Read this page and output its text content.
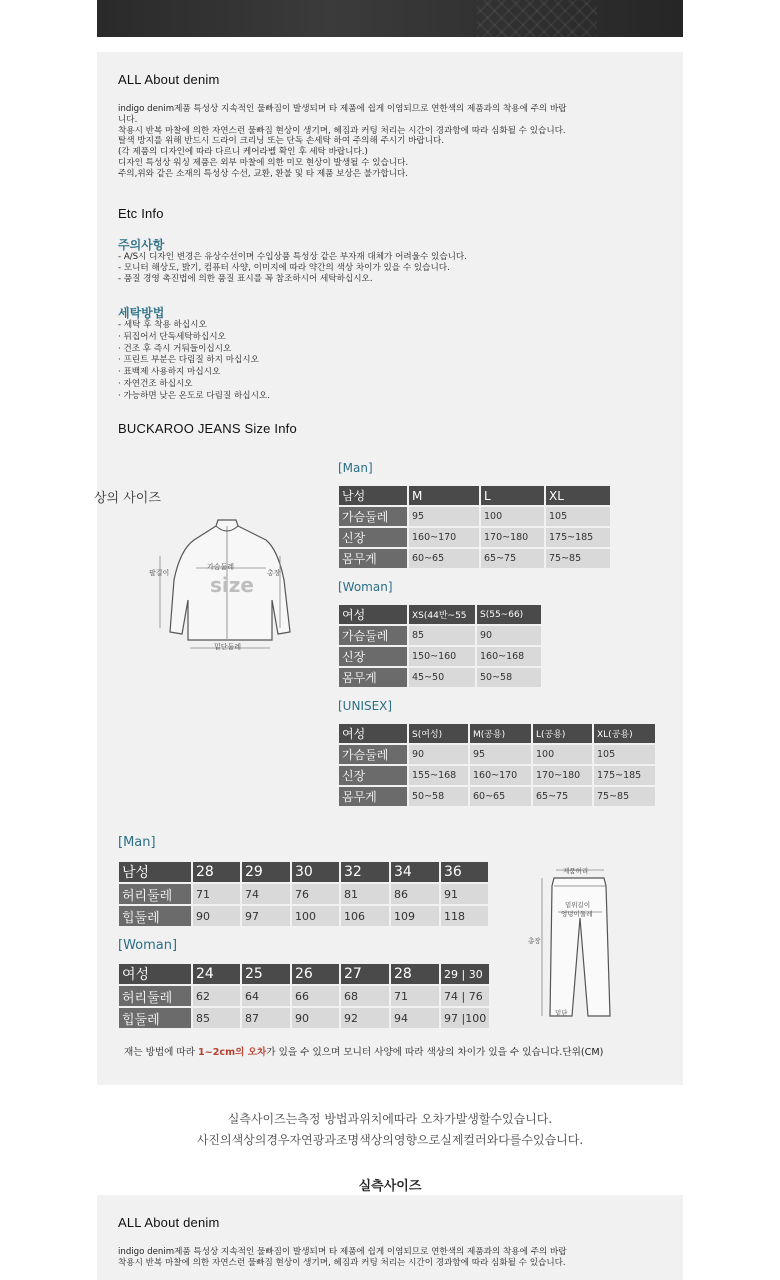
ALL About denim
indigo denim제품 특성상 지속적인 물빠짐이 발생되며 타 제품에 쉽게 이염되므로 연한색의 제품과의 착용에 주의 바랍
니다.
착용시 반복 마찰에 의한 자연스런 물빠짐 현상이 생기며, 헤짐과 커팅 처리는 시간이 경과함에 따라 심화될 수 있습니다.
탈색 방지를 위해 반드시 드라이 크리닝 또는 단독 손세탁 하여 주의해 주시기 바랍니다.
(각 제품의 디자인에 따라 다르니 케어라벨 확인 후 세탁 바랍니다.)
디자인 특성상 워싱 제품은 외부 마찰에 의한 미모 현상이 발생될 수 있습니다.
주의,위와 같은 소재의 특성상 수선, 교환, 환불 및 타 제품 보상은 불가합니다.
Etc Info
주의사항
- A/S시 디자인 변경은 유상수선이며 수입상품 특성상 같은 부자재 대체가 어려울수 있습니다.
- 모니터 해상도, 밝기, 컴퓨터 사양, 이미지에 따라 약간의 색상 차이가 있을 수 있습니다.
- 품질 경영 촉진법에 의한 품질 표시를 꼭 참조하시어 세탁하십시오.
세탁방법
- 세탁 후 착용 하십시오
· 뒤집어서 단독세탁하십시오
· 건조 후 즉시 거둬들이십시오
· 프린트 부분은 다림질 하지 마십시오
· 표백제 사용하지 마십시오
· 자연건조 하십시오
· 가능하면 낮은 온도로 다림질 하십시오.
BUCKAROO JEANS Size Info
상의 사이즈
가슴둘레
size
팔길이	총장
밑단둘레
[Man]
남성	M	L	XL
가슴둘레	95	100	105
신장	160~170	170~180	175~185
몸무게	60~65	65~75	75~85
[Woman]
여성	XS(44반~55	S(55~66)
가슴둘레	85	90
신장	150~160	160~168
몸무게	45~50	50~58
[UNISEX]
여성	S(여성)	M(공용)	L(공용)	XL(공용)
가슴둘레	90	95	100	105
신장	155~168	160~170	170~180	175~185
몸무게	50~58	60~65	65~75	75~85
[Man]
남성	28	29	30	32	34	36
허리둘레	71	74	76	81	86	91
힙둘레	90	97	100	106	109	118
[Woman]
여성	24	25	26	27	28	29 | 30
허리둘레	62	64	66	68	71	74 | 76
힙둘레	85	87	90	92	94	97 |100
제품허리
밑위길이
엉덩이둘레
총장
밑단
재는 방법에 따라 1~2cm의 오차가 있을 수 있으며 모니터 사양에 따라 색상의 차이가 있을 수 있습니다.단위(CM)
실측사이즈는측정 방법과위치에따라 오차가발생할수있습니다.
사진의색상의경우자연광과조명색상의영향으로실제컬러와다를수있습니다.
실측사이즈
ALL About denim
indigo denim제품 특성상 지속적인 물빠짐이 발생되며 타 제품에 쉽게 이염되므로 연한색의 제품과의 착용에 주의 바랍
착용시 반복 마찰에 의한 자연스런 물빠짐 현상이 생기며, 헤짐과 커팅 처리는 시간이 경과함에 따라 심화될 수 있습니다.
